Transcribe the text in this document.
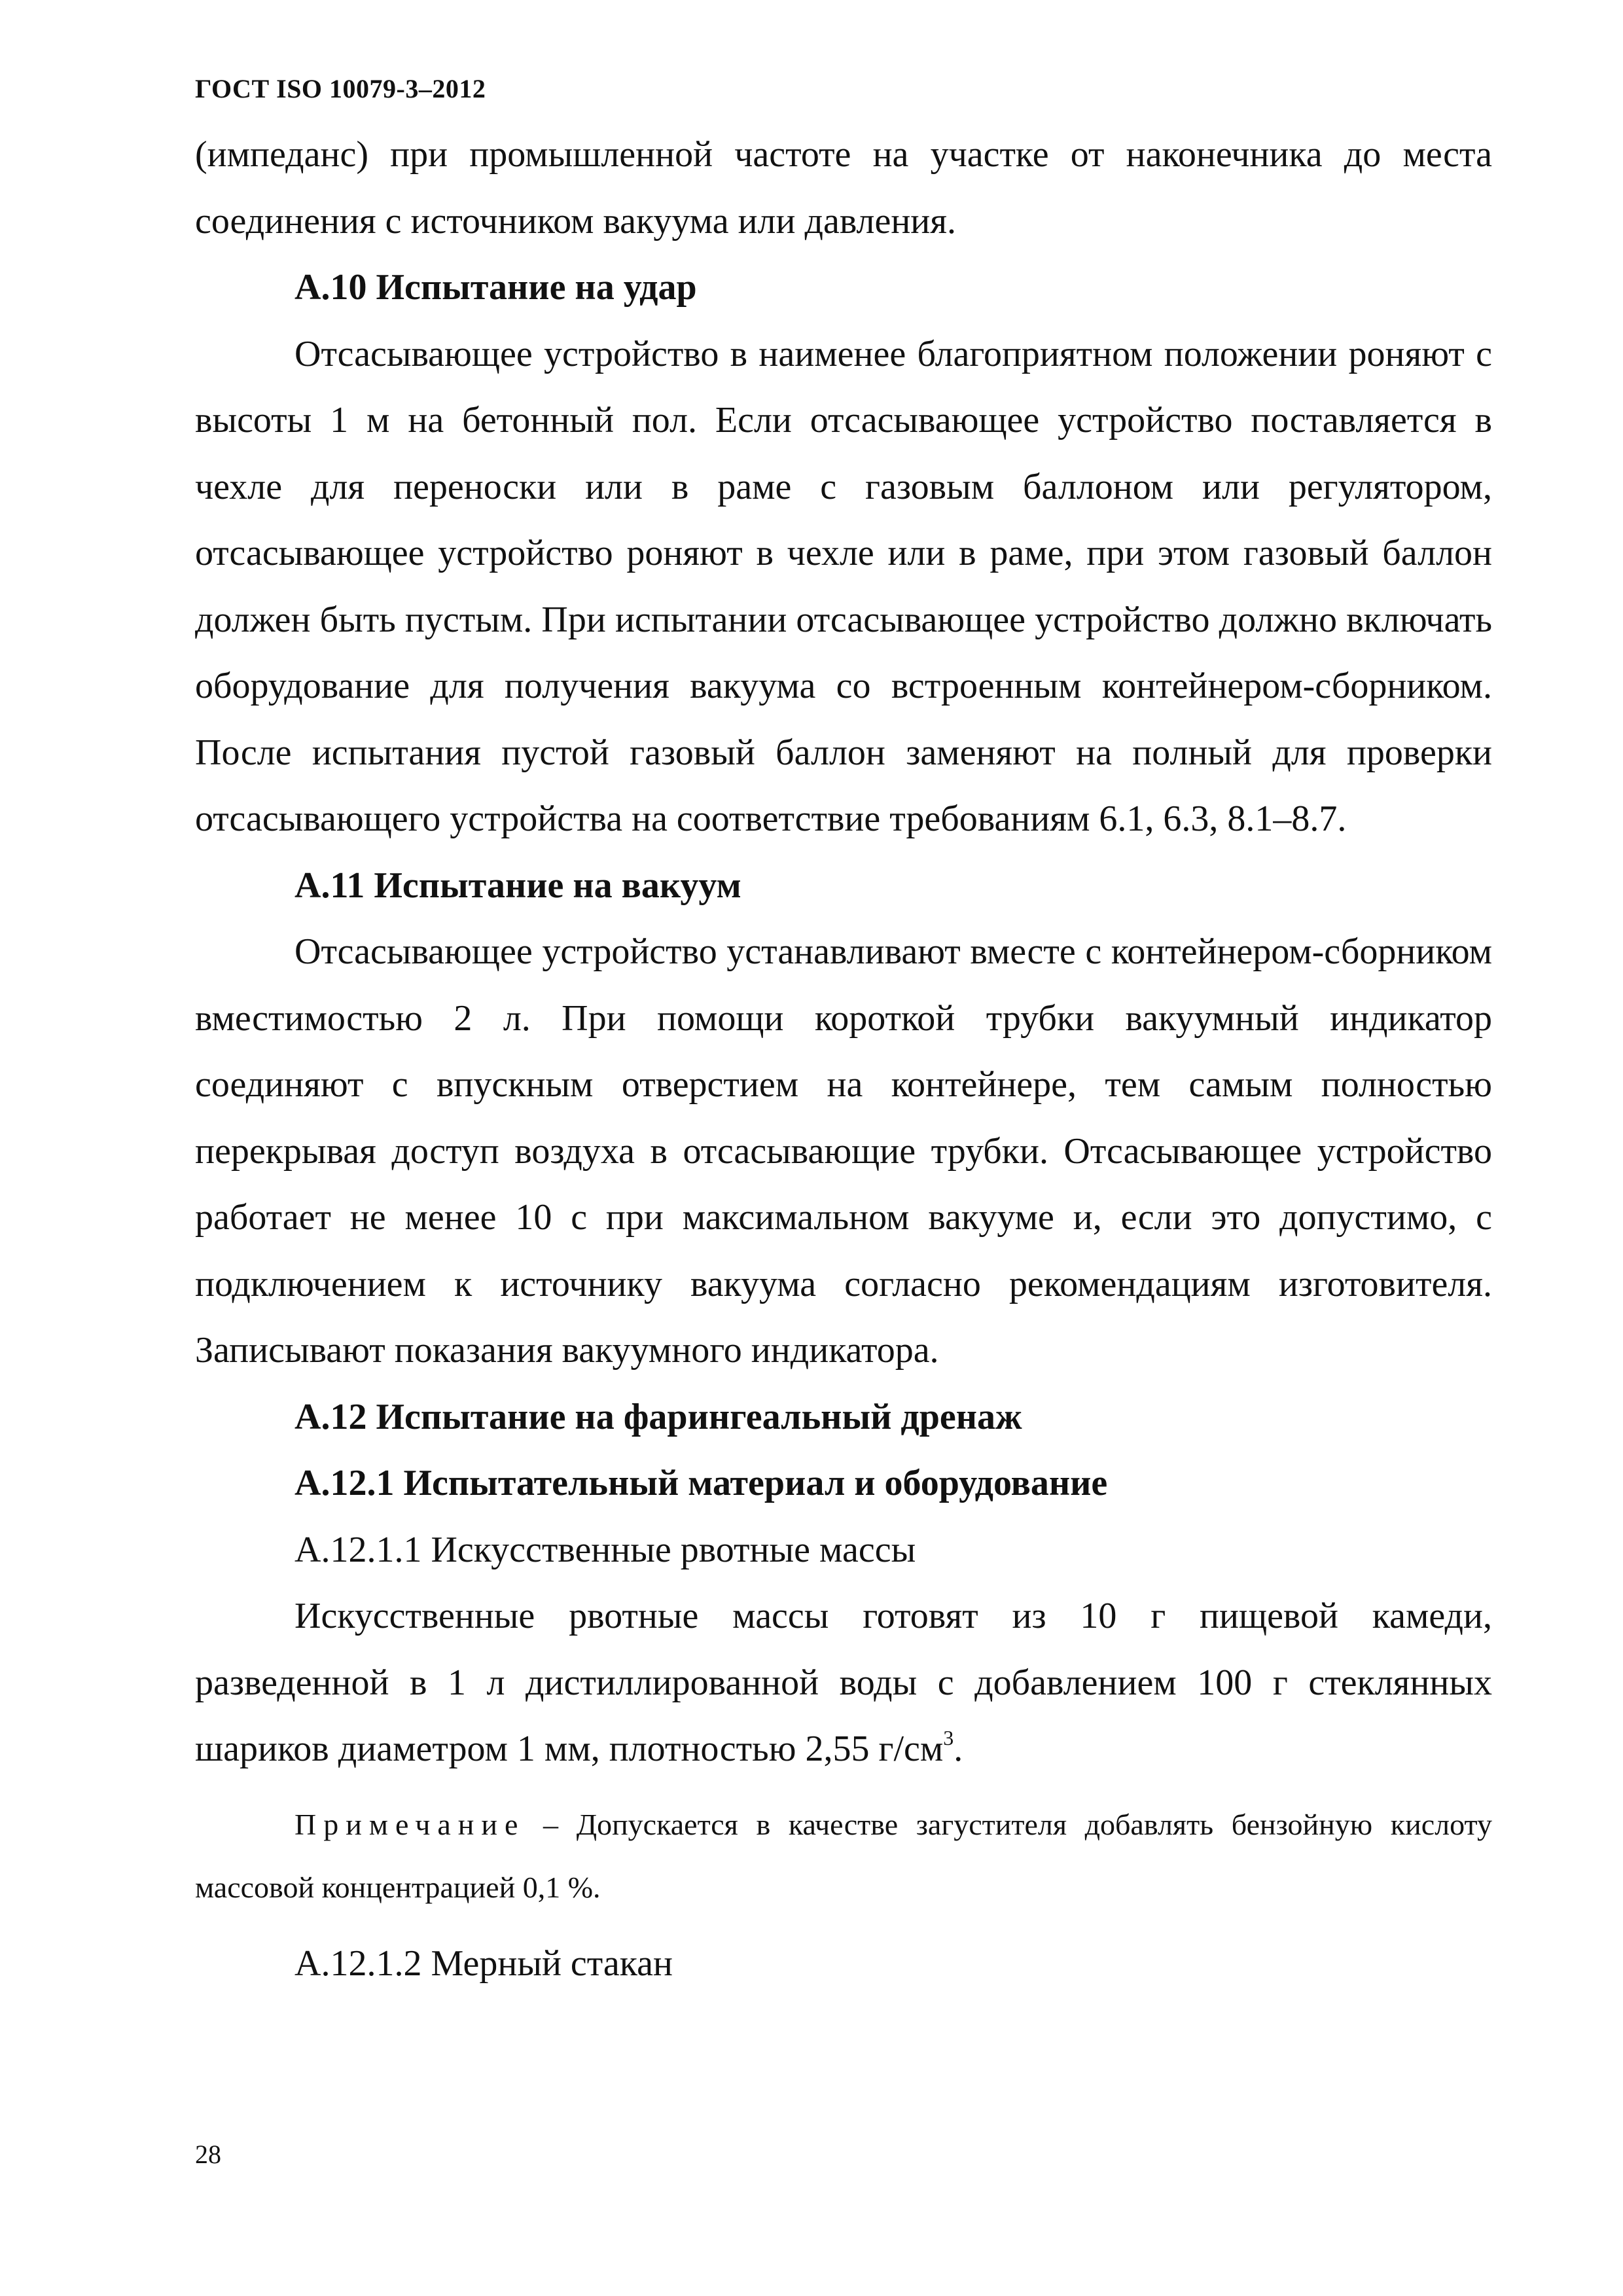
ГОСТ ISO 10079-3–2012

(импеданс) при промышленной частоте на участке от наконечника до места соединения с источником вакуума или давления.

А.10 Испытание на удар

Отсасывающее устройство в наименее благоприятном положении роняют с высоты 1 м на бетонный пол. Если отсасывающее устройство поставляется в чехле для переноски или в раме с газовым баллоном или регулятором, отсасывающее устройство роняют в чехле или в раме, при этом газовый баллон должен быть пустым. При испытании отсасывающее устройство должно включать оборудование для получения вакуума со встроенным контейнером-сборником. После испытания пустой газовый баллон заменяют на полный для проверки отсасывающего устройства на соответствие требованиям 6.1, 6.3, 8.1–8.7.

А.11 Испытание на вакуум

Отсасывающее устройство устанавливают вместе с контейнером-сборником вместимостью 2 л. При помощи короткой трубки вакуумный индикатор соединяют с впускным отверстием на контейнере, тем самым полностью перекрывая доступ воздуха в отсасывающие трубки. Отсасывающее устройство работает не менее 10 с при максимальном вакууме и, если это допустимо, с подключением к источнику вакуума согласно рекомендациям изготовителя. Записывают показания вакуумного индикатора.

А.12 Испытание на фарингеальный дренаж

А.12.1 Испытательный материал и оборудование

А.12.1.1 Искусственные рвотные массы

Искусственные рвотные массы готовят из 10 г пищевой камеди, разведенной в 1 л дистиллированной воды с добавлением 100 г стеклянных шариков диаметром 1 мм, плотностью 2,55 $г/см^3$.

Примечание – Допускается в качестве загустителя добавлять бензойную кислоту массовой концентрацией 0,1 %.

А.12.1.2 Мерный стакан

28
